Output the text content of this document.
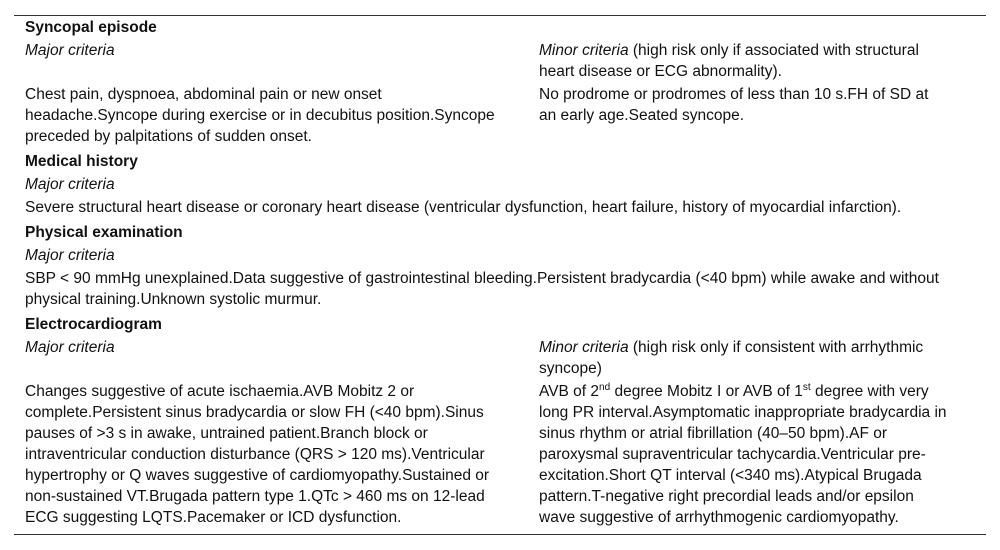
Syncopal episode
Major criteria	Minor criteria (high risk only if associated with structural heart disease or ECG abnormality).
Chest pain, dyspnoea, abdominal pain or new onset headache.Syncope during exercise or in decubitus position.Syncope preceded by palpitations of sudden onset.
No prodrome or prodromes of less than 10 s.FH of SD at an early age.Seated syncope.
Medical history
Major criteria
Severe structural heart disease or coronary heart disease (ventricular dysfunction, heart failure, history of myocardial infarction).
Physical examination
Major criteria
SBP < 90 mmHg unexplained.Data suggestive of gastrointestinal bleeding.Persistent bradycardia (<40 bpm) while awake and without physical training.Unknown systolic murmur.
Electrocardiogram
Major criteria	Minor criteria (high risk only if consistent with arrhythmic syncope)
Changes suggestive of acute ischaemia.AVB Mobitz 2 or complete.Persistent sinus bradycardia or slow FH (<40 bpm).Sinus pauses of >3 s in awake, untrained patient.Branch block or intraventricular conduction disturbance (QRS > 120 ms).Ventricular hypertrophy or Q waves suggestive of cardiomyopathy.Sustained or non-sustained VT.Brugada pattern type 1.QTc > 460 ms on 12-lead ECG suggesting LQTS.Pacemaker or ICD dysfunction.
AVB of 2nd degree Mobitz I or AVB of 1st degree with very long PR interval.Asymptomatic inappropriate bradycardia in sinus rhythm or atrial fibrillation (40–50 bpm).AF or paroxysmal supraventricular tachycardia.Ventricular pre-excitation.Short QT interval (<340 ms).Atypical Brugada pattern.T-negative right precordial leads and/or epsilon wave suggestive of arrhythmogenic cardiomyopathy.
